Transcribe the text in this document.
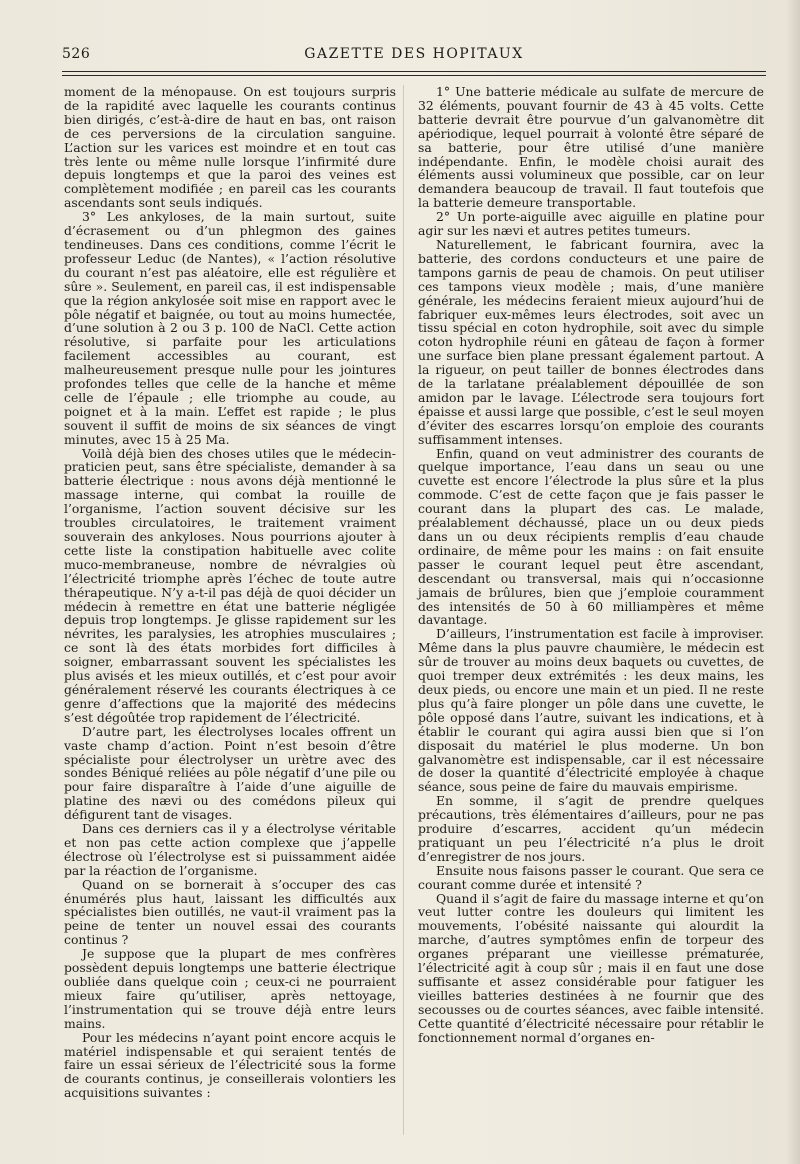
526	GAZETTE DES HOPITAUX

moment de la ménopause. On est toujours surpris de la rapidité avec laquelle les courants continus bien dirigés, c’est-à-dire de haut en bas, ont raison de ces perversions de la circulation sanguine. L’action sur les varices est moindre et en tout cas très lente ou même nulle lorsque l’infirmité dure depuis longtemps et que la paroi des veines est complètement modifiée ; en pareil cas les courants ascendants sont seuls indiqués.

3° Les ankyloses, de la main surtout, suite d’écrasement ou d’un phlegmon des gaines tendineuses. Dans ces conditions, comme l’écrit le professeur Leduc (de Nantes), « l’action résolutive du courant n’est pas aléatoire, elle est régulière et sûre ». Seulement, en pareil cas, il est indispensable que la région ankylosée soit mise en rapport avec le pôle négatif et baignée, ou tout au moins humectée, d’une solution à 2 ou 3 p. 100 de NaCl. Cette action résolutive, si parfaite pour les articulations facilement accessibles au courant, est malheureusement presque nulle pour les jointures profondes telles que celle de la hanche et même celle de l’épaule ; elle triomphe au coude, au poignet et à la main. L’effet est rapide ; le plus souvent il suffit de moins de six séances de vingt minutes, avec 15 à 25 Ma.

Voilà déjà bien des choses utiles que le médecin-praticien peut, sans être spécialiste, demander à sa batterie électrique : nous avons déjà mentionné le massage interne, qui combat la rouille de l’organisme, l’action souvent décisive sur les troubles circulatoires, le traitement vraiment souverain des ankyloses. Nous pourrions ajouter à cette liste la constipation habituelle avec colite muco-membraneuse, nombre de névralgies où l’électricité triomphe après l’échec de toute autre thérapeutique. N’y a-t-il pas déjà de quoi décider un médecin à remettre en état une batterie négligée depuis trop longtemps. Je glisse rapidement sur les névrites, les paralysies, les atrophies musculaires ; ce sont là des états morbides fort difficiles à soigner, embarrassant souvent les spécialistes les plus avisés et les mieux outillés, et c’est pour avoir généralement réservé les courants électriques à ce genre d’affections que la majorité des médecins s’est dégoûtée trop rapidement de l’électricité.

D’autre part, les électrolyses locales offrent un vaste champ d’action. Point n’est besoin d’être spécialiste pour électrolyser un urètre avec des sondes Béniqué reliées au pôle négatif d’une pile ou pour faire disparaître à l’aide d’une aiguille de platine des nævi ou des comédons pileux qui défigurent tant de visages.

Dans ces derniers cas il y a électrolyse véritable et non pas cette action complexe que j’appelle électrose où l’électrolyse est si puissamment aidée par la réaction de l’organisme.

Quand on se bornerait à s’occuper des cas énumérés plus haut, laissant les difficultés aux spécialistes bien outillés, ne vaut-il vraiment pas la peine de tenter un nouvel essai des courants continus ?

Je suppose que la plupart de mes confrères possèdent depuis longtemps une batterie électrique oubliée dans quelque coin ; ceux-ci ne pourraient mieux faire qu’utiliser, après nettoyage, l’instrumentation qui se trouve déjà entre leurs mains.

Pour les médecins n’ayant point encore acquis le matériel indispensable et qui seraient tentés de faire un essai sérieux de l’électricité sous la forme de courants continus, je conseillerais volontiers les acquisitions suivantes :

1° Une batterie médicale au sulfate de mercure de 32 éléments, pouvant fournir de 43 à 45 volts. Cette batterie devrait être pourvue d’un galvanomètre dit apériodique, lequel pourrait à volonté être séparé de sa batterie, pour être utilisé d’une manière indépendante. Enfin, le modèle choisi aurait des éléments aussi volumineux que possible, car on leur demandera beaucoup de travail. Il faut toutefois que la batterie demeure transportable.

2° Un porte-aiguille avec aiguille en platine pour agir sur les nævi et autres petites tumeurs.

Naturellement, le fabricant fournira, avec la batterie, des cordons conducteurs et une paire de tampons garnis de peau de chamois. On peut utiliser ces tampons vieux modèle ; mais, d’une manière générale, les médecins feraient mieux aujourd’hui de fabriquer eux-mêmes leurs électrodes, soit avec un tissu spécial en coton hydrophile, soit avec du simple coton hydrophile réuni en gâteau de façon à former une surface bien plane pressant également partout. A la rigueur, on peut tailler de bonnes électrodes dans de la tarlatane préalablement dépouillée de son amidon par le lavage. L’électrode sera toujours fort épaisse et aussi large que possible, c’est le seul moyen d’éviter des escarres lorsqu’on emploie des courants suffisamment intenses.

Enfin, quand on veut administrer des courants de quelque importance, l’eau dans un seau ou une cuvette est encore l’électrode la plus sûre et la plus commode. C’est de cette façon que je fais passer le courant dans la plupart des cas. Le malade, préalablement déchaussé, place un ou deux pieds dans un ou deux récipients remplis d’eau chaude ordinaire, de même pour les mains : on fait ensuite passer le courant lequel peut être ascendant, descendant ou transversal, mais qui n’occasionne jamais de brûlures, bien que j’emploie couramment des intensités de 50 à 60 milliampères et même davantage.

D’ailleurs, l’instrumentation est facile à improviser. Même dans la plus pauvre chaumière, le médecin est sûr de trouver au moins deux baquets ou cuvettes, de quoi tremper deux extrémités : les deux mains, les deux pieds, ou encore une main et un pied. Il ne reste plus qu’à faire plonger un pôle dans une cuvette, le pôle opposé dans l’autre, suivant les indications, et à établir le courant qui agira aussi bien que si l’on disposait du matériel le plus moderne. Un bon galvanomètre est indispensable, car il est nécessaire de doser la quantité d’électricité employée à chaque séance, sous peine de faire du mauvais empirisme.

En somme, il s’agit de prendre quelques précautions, très élémentaires d’ailleurs, pour ne pas produire d’escarres, accident qu’un médecin pratiquant un peu l’électricité n’a plus le droit d’enregistrer de nos jours.

Ensuite nous faisons passer le courant. Que sera ce courant comme durée et intensité ?

Quand il s’agit de faire du massage interne et qu’on veut lutter contre les douleurs qui limitent les mouvements, l’obésité naissante qui alourdit la marche, d’autres symptômes enfin de torpeur des organes préparant une vieillesse prématurée, l’électricité agit à coup sûr ; mais il en faut une dose suffisante et assez considérable pour fatiguer les vieilles batteries destinées à ne fournir que des secousses ou de courtes séances, avec faible intensité. Cette quantité d’électricité nécessaire pour rétablir le fonctionnement normal d’organes en-
